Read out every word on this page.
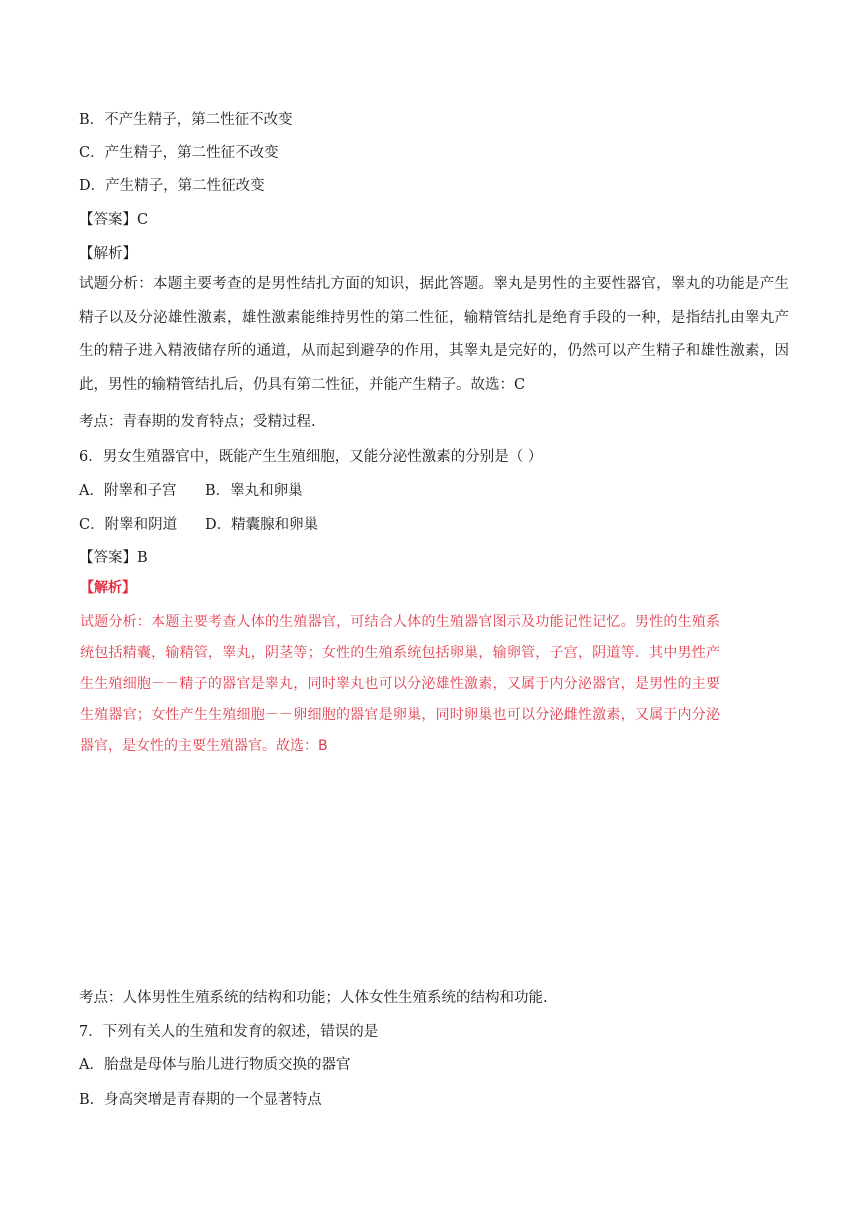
B．不产生精子，第二性征不改变
C．产生精子，第二性征不改变
D．产生精子，第二性征改变
【答案】C
【解析】
试题分析：本题主要考查的是男性结扎方面的知识，据此答题。睾丸是男性的主要性器官，睾丸的功能是产生精子以及分泌雄性激素，雄性激素能维持男性的第二性征，输精管结扎是绝育手段的一种，是指结扎由睾丸产生的精子进入精液储存所的通道，从而起到避孕的作用，其睾丸是完好的，仍然可以产生精子和雄性激素，因此，男性的输精管结扎后，仍具有第二性征，并能产生精子。故选：C
考点：青春期的发育特点；受精过程.
6．男女生殖器官中，既能产生生殖细胞，又能分泌性激素的分别是（ ）
A．附睾和子宫 B．睾丸和卵巢
C．附睾和阴道 D．精囊腺和卵巢
【答案】B
【解析】
试题分析：本题主要考查人体的生殖器官，可结合人体的生殖器官图示及功能记性记忆。男性的生殖系统包括精囊，输精管，睾丸，阴茎等；女性的生殖系统包括卵巢，输卵管，子宫，阴道等．其中男性产生生殖细胞－－精子的器官是睾丸，同时睾丸也可以分泌雄性激素，又属于内分泌器官，是男性的主要生殖器官；女性产生生殖细胞－－卵细胞的器官是卵巢，同时卵巢也可以分泌雌性激素，又属于内分泌器官，是女性的主要生殖器官。故选：B
考点：人体男性生殖系统的结构和功能；人体女性生殖系统的结构和功能.
7．下列有关人的生殖和发育的叙述，错误的是
A．胎盘是母体与胎儿进行物质交换的器官
B．身高突增是青春期的一个显著特点
